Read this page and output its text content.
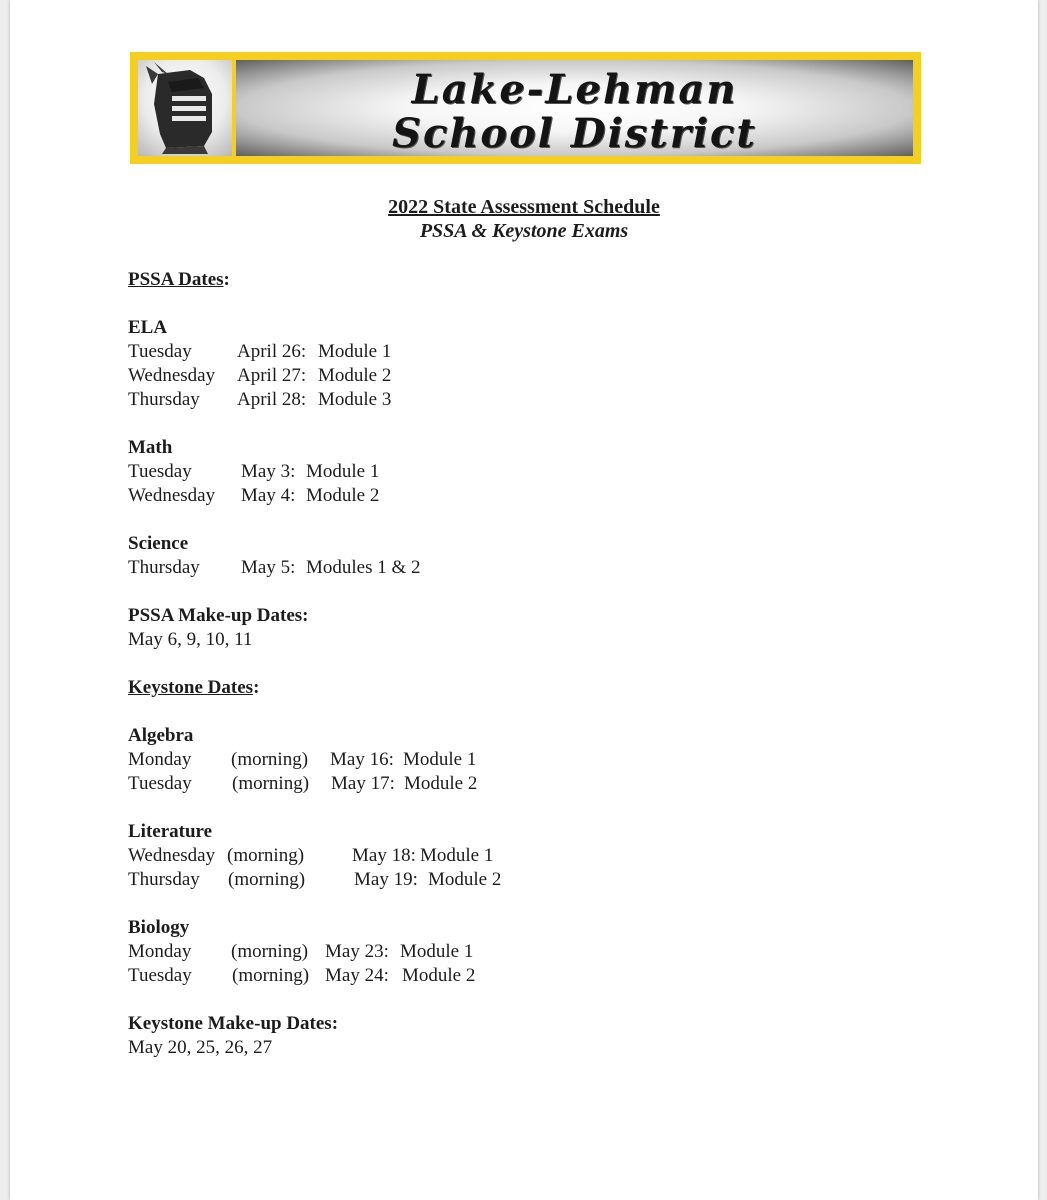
Lake-Lehman
School District
2022 State Assessment Schedule
PSSA & Keystone Exams
PSSA Dates:
ELA
Tuesday April 26: Module 1
Wednesday April 27: Module 2
Thursday April 28: Module 3
Math
Tuesday	May 3: Module 1
Wednesday May 4: Module 2
Science
Thursday May 5: Modules 1 & 2
PSSA Make-up Dates:
May 6, 9, 10, 11
Keystone Dates:
Algebra
Monday (morning) May 16: Module 1
Tuesday (morning) May 17: Module 2
Literature
Wednesday (morning)	May 18: Module 1
Thursday (morning)	May 19: Module 2
Biology
Monday (morning) May 23: Module 1
Tuesday (morning) May 24: Module 2
Keystone Make-up Dates:
May 20, 25, 26, 27
